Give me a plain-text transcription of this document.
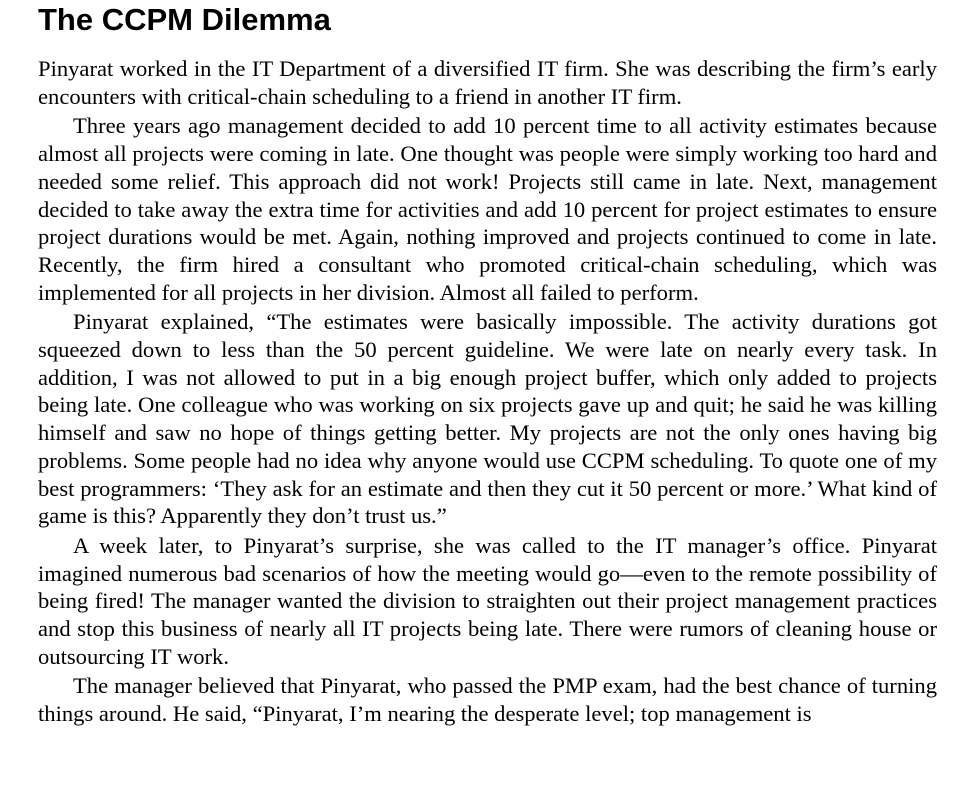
The CCPM Dilemma

Pinyarat worked in the IT Department of a diversified IT firm. She was describing the firm’s early encounters with critical-chain scheduling to a friend in another IT firm.

Three years ago management decided to add 10 percent time to all activity estimates because almost all projects were coming in late. One thought was people were simply working too hard and needed some relief. This approach did not work! Projects still came in late. Next, management decided to take away the extra time for activities and add 10 percent for project estimates to ensure project durations would be met. Again, nothing improved and projects continued to come in late. Recently, the firm hired a consultant who promoted critical-chain scheduling, which was implemented for all projects in her division. Almost all failed to perform.

Pinyarat explained, “The estimates were basically impossible. The activity durations got squeezed down to less than the 50 percent guideline. We were late on nearly every task. In addition, I was not allowed to put in a big enough project buffer, which only added to projects being late. One colleague who was working on six projects gave up and quit; he said he was killing himself and saw no hope of things getting better. My projects are not the only ones having big problems. Some people had no idea why anyone would use CCPM scheduling. To quote one of my best programmers: ‘They ask for an estimate and then they cut it 50 percent or more.’ What kind of game is this? Apparently they don’t trust us.”

A week later, to Pinyarat’s surprise, she was called to the IT manager’s office. Pinyarat imagined numerous bad scenarios of how the meeting would go—even to the remote possibility of being fired! The manager wanted the division to straighten out their project management practices and stop this business of nearly all IT projects being late. There were rumors of cleaning house or outsourcing IT work.

The manager believed that Pinyarat, who passed the PMP exam, had the best chance of turning things around. He said, “Pinyarat, I’m nearing the desperate level; top management is
